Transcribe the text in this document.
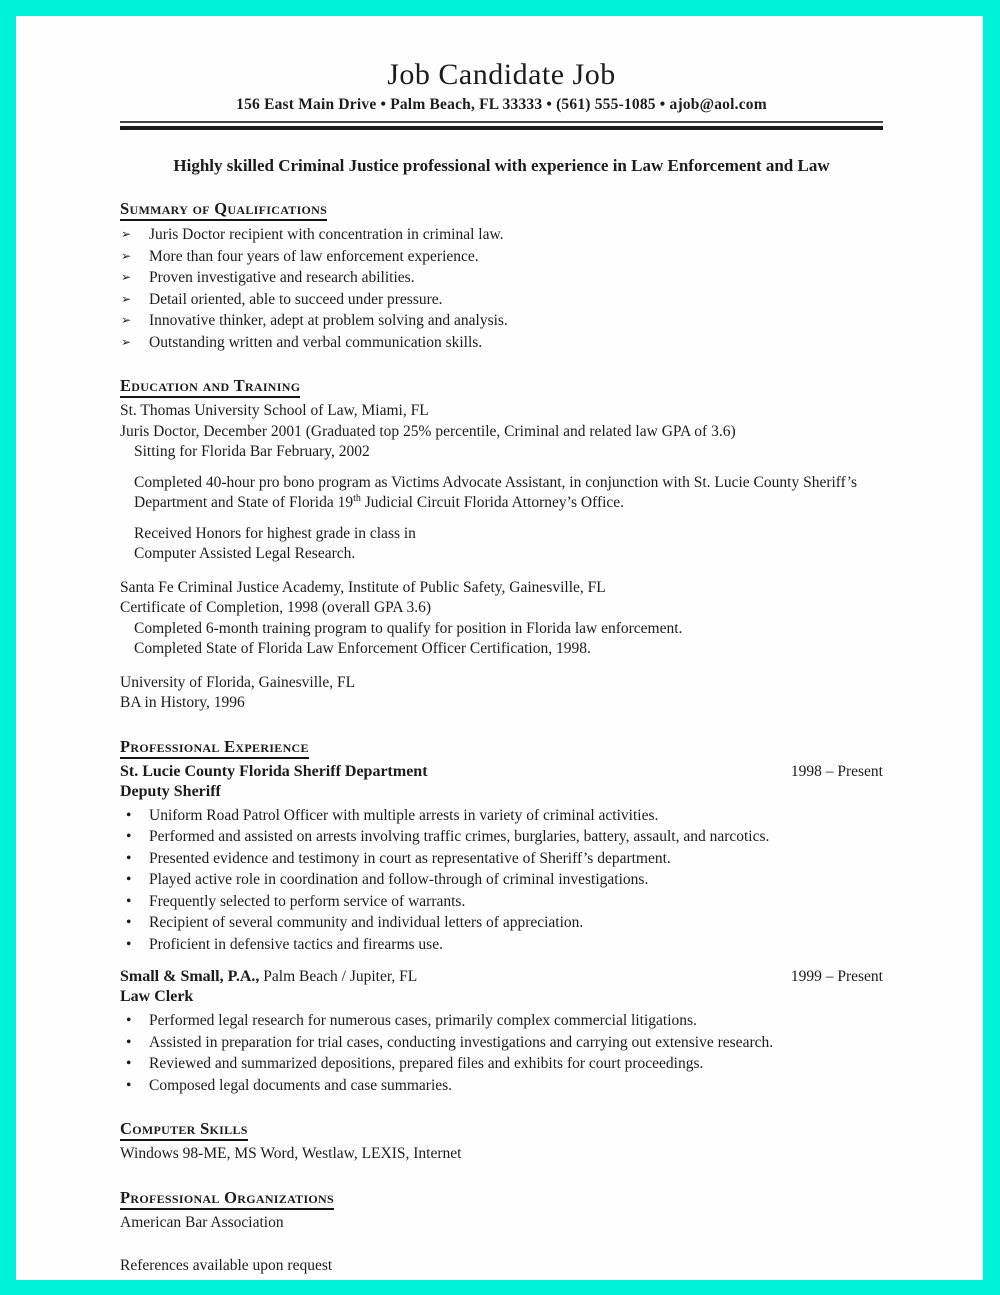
Job Candidate Job
156 East Main Drive • Palm Beach, FL 33333 • (561) 555-1085 • ajob@aol.com
Highly skilled Criminal Justice professional with experience in Law Enforcement and Law
Summary of Qualifications
➢	Juris Doctor recipient with concentration in criminal law.
➢	More than four years of law enforcement experience.
➢	Proven investigative and research abilities.
➢	Detail oriented, able to succeed under pressure.
➢	Innovative thinker, adept at problem solving and analysis.
➢	Outstanding written and verbal communication skills.
Education and Training
St. Thomas University School of Law, Miami, FL
Juris Doctor, December 2001 (Graduated top 25% percentile, Criminal and related law GPA of 3.6)
Sitting for Florida Bar February, 2002
Completed 40-hour pro bono program as Victims Advocate Assistant, in conjunction with St. Lucie County Sheriff’s Department and State of Florida 19th Judicial Circuit Florida Attorney’s Office.
Received Honors for highest grade in class in
Computer Assisted Legal Research.
Santa Fe Criminal Justice Academy, Institute of Public Safety, Gainesville, FL
Certificate of Completion, 1998 (overall GPA 3.6)
Completed 6-month training program to qualify for position in Florida law enforcement.
Completed State of Florida Law Enforcement Officer Certification, 1998.
University of Florida, Gainesville, FL
BA in History, 1996
Professional Experience
St. Lucie County Florida Sheriff Department	1998 – Present
Deputy Sheriff
•	Uniform Road Patrol Officer with multiple arrests in variety of criminal activities.
•	Performed and assisted on arrests involving traffic crimes, burglaries, battery, assault, and narcotics.
•	Presented evidence and testimony in court as representative of Sheriff’s department.
•	Played active role in coordination and follow-through of criminal investigations.
•	Frequently selected to perform service of warrants.
•	Recipient of several community and individual letters of appreciation.
•	Proficient in defensive tactics and firearms use.
Small & Small, P.A., Palm Beach / Jupiter, FL	1999 – Present
Law Clerk
•	Performed legal research for numerous cases, primarily complex commercial litigations.
•	Assisted in preparation for trial cases, conducting investigations and carrying out extensive research.
•	Reviewed and summarized depositions, prepared files and exhibits for court proceedings.
•	Composed legal documents and case summaries.
Computer Skills
Windows 98-ME, MS Word, Westlaw, LEXIS, Internet
Professional Organizations
American Bar Association
References available upon request
